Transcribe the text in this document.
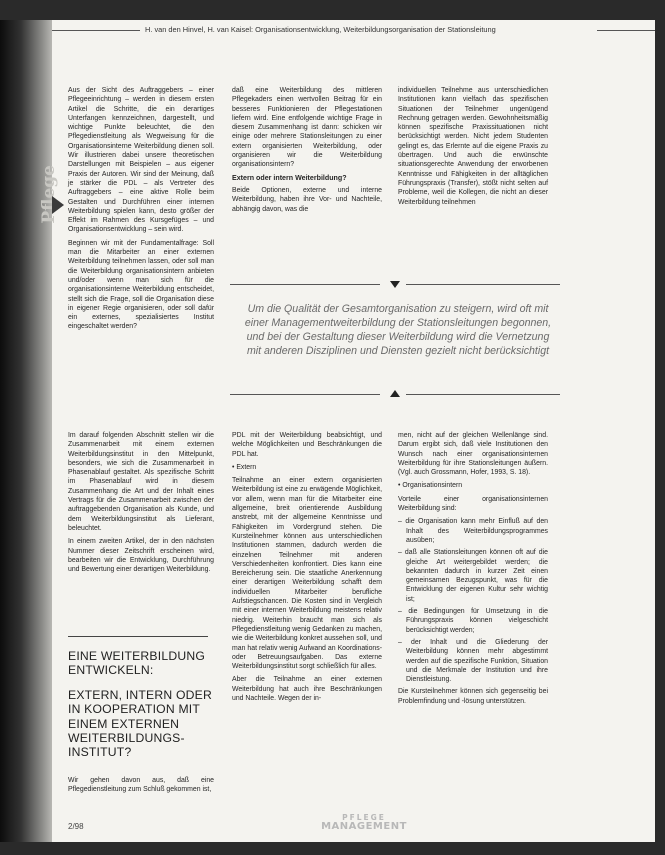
Pflege
H. van den Hinvel, H. van Kaisel: Organisationsentwicklung, Weiterbildungsorganisation der Stationsleitung

Aus der Sicht des Auftraggebers – einer Pflegeeinrichtung – werden in diesem ersten Artikel die Schritte, die ein derartiges Unterfangen kennzeichnen, dargestellt, und wichtige Punkte beleuchtet, die den Pflegedienstleitung als Wegweisung für die Organisationsinterne Weiterbildung dienen soll. Wir illustrieren dabei unsere theoretischen Darstellungen mit Beispielen – aus eigener Praxis der Autoren. Wir sind der Meinung, daß je stärker die PDL – als Vertreter des Auftraggebers – eine aktive Rolle beim Gestalten und Durchführen einer internen Weiterbildung spielen kann, desto größer der Effekt im Rahmen des Kursgefüges – und Organisationsentwicklung – sein wird.

Beginnen wir mit der Fundamentalfrage: Soll man die Mitarbeiter an einer externen Weiterbildung teilnehmen lassen, oder soll man die Weiterbildung organisationsintern anbieten und/oder wenn man sich für die organisationsinterne Weiterbildung entscheidet, stellt sich die Frage, soll die Organisation diese in eigener Regie organisieren, oder soll dafür ein externes, spezialisiertes Institut eingeschaltet werden?

daß eine Weiterbildung des mittleren Pflegekaders einen wertvollen Beitrag für ein besseres Funktionieren der Pflegestationen liefern wird. Eine entfolgende wichtige Frage in diesem Zusammenhang ist dann: schicken wir einige oder mehrere Stationsleitungen zu einer extern organisierten Weiterbildung, oder organisieren wir die Weiterbildung organisationsintern?

Extern oder intern Weiterbildung?

Beide Optionen, externe und interne Weiterbildung, haben ihre Vor- und Nachteile, abhängig davon, was die

individuellen Teilnehme aus unterschiedlichen Institutionen kann vielfach das spezifischen Situationen der Teilnehmer ungenügend Rechnung getragen werden. Gewohnheitsmäßig können spezifische Praxissituationen nicht berücksichtigt werden. Nicht jedem Studenten gelingt es, das Erlernte auf die eigene Praxis zu übertragen. Und auch die erwünschte situationsgerechte Anwendung der erworbenen Kenntnisse und Fähigkeiten in der alltäglichen Führungspraxis (Transfer), stößt nicht selten auf Probleme, weil die Kollegen, die nicht an dieser Weiterbildung teilnehmen

Um die Qualität der Gesamtorganisation zu steigern, wird oft mit einer Managementweiterbildung der Stationsleitungen begonnen, und bei der Gestaltung dieser Weiterbildung wird die Vernetzung mit anderen Disziplinen und Diensten gezielt nicht berücksichtigt

Im darauf folgenden Abschnitt stellen wir die Zusammenarbeit mit einem externen Weiterbildungsinstitut in den Mittelpunkt, besonders, wie sich die Zusammenarbeit in Phasenablauf gestaltet. Als spezifische Schritt im Phasenablauf wird in diesem Zusammenhang die Art und der Inhalt eines Vertrags für die Zusammenarbeit zwischen der auftraggebenden Organisation als Kunde, und dem Weiterbildungsinstitut als Lieferant, beleuchtet.

In einem zweiten Artikel, der in den nächsten Nummer dieser Zeitschrift erscheinen wird, bearbeiten wir die Entwicklung, Durchführung und Bewertung einer derartigen Weiterbildung.

EINE WEITERBILDUNG ENTWICKELN:
EXTERN, INTERN ODER IN KOOPERATION MIT EINEM EXTERNEN WEITERBILDUNGS-INSTITUT?

Wir gehen davon aus, daß eine Pflegedienstleitung zum Schluß gekommen ist,

PDL mit der Weiterbildung beabsichtigt, und welche Möglichkeiten und Beschränkungen die PDL hat.

• Extern

Teilnahme an einer extern organisierten Weiterbildung ist eine zu erwägende Möglichkeit, vor allem, wenn man für die Mitarbeiter eine allgemeine, breit orientierende Ausbildung anstrebt, mit der allgemeine Kenntnisse und Fähigkeiten im Vordergrund stehen. Die Kursteilnehmer können aus unterschiedlichen Institutionen stammen, dadurch werden die einzelnen Teilnehmer mit anderen Verschiedenheiten konfrontiert. Dies kann eine Bereicherung sein. Die staatliche Anerkennung einer derartigen Weiterbildung schafft dem individuellen Mitarbeiter berufliche Aufstiegschancen. Die Kosten sind in Vergleich mit einer internen Weiterbildung meistens relativ niedrig. Weiterhin braucht man sich als Pflegedienstleitung wenig Gedanken zu machen, wie die Weiterbildung konkret aussehen soll, und man hat relativ wenig Aufwand an Koordinations- oder Betreuungsaufgaben. Das externe Weiterbildungsinstitut sorgt schließlich für alles.

Aber die Teilnahme an einer externen Weiterbildung hat auch ihre Beschränkungen und Nachteile. Wegen der in-

men, nicht auf der gleichen Wellenlänge sind. Darum ergibt sich, daß viele Institutionen den Wunsch nach einer organisationsinternen Weiterbildung für ihre Stationsleitungen äußern. (Vgl. auch Grossmann, Hofer, 1993, S. 18).

• Organisationsintern

Vorteile einer organisationsinternen Weiterbildung sind:

– die Organisation kann mehr Einfluß auf den Inhalt des Weiterbildungsprogrammes ausüben;

– daß alle Stationsleitungen können oft auf die gleiche Art weitergebildet werden; die bekannten dadurch in kurzer Zeit einen gemeinsamen Bezugspunkt, was für die Entwicklung der eigenen Kultur sehr wichtig ist;

– die Bedingungen für Umsetzung in die Führungspraxis können vielgeschicht berücksichtigt werden;

– der Inhalt und die Gliederung der Weiterbildung können mehr abgestimmt werden auf die spezifische Funktion, Situation und die Merkmale der Institution und ihre Dienstleistung.

Die Kursteilnehmer können sich gegenseitig bei Problemfindung und -lösung unterstützen.

2/98
PFLEGE
MANAGEMENT
